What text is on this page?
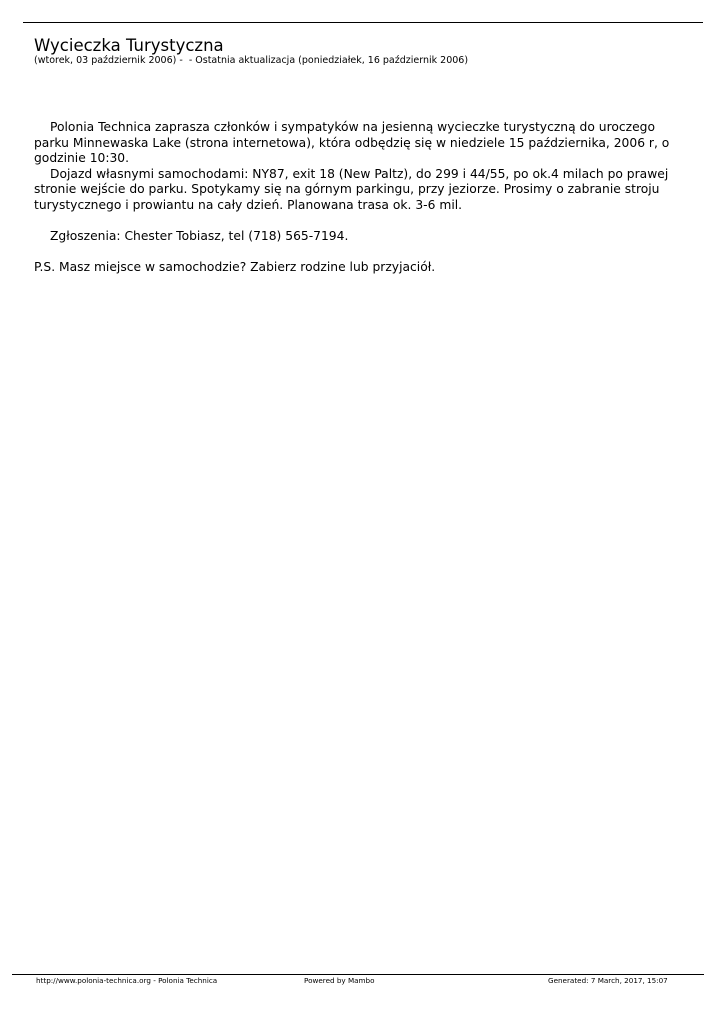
Wycieczka Turystyczna
(wtorek, 03 październik 2006) -  - Ostatnia aktualizacja (poniedziałek, 16 październik 2006)

Polonia Technica zaprasza członków i sympatyków na jesienną wycieczke turystyczną do uroczego parku Minnewaska Lake (strona internetowa), która odbędzię się w niedziele 15 października, 2006 r, o godzinie 10:30.

Dojazd własnymi samochodami: NY87, exit 18 (New Paltz), do 299 i 44/55, po ok.4 milach po prawej stronie wejście do parku. Spotykamy się na górnym parkingu, przy jeziorze. Prosimy o zabranie stroju turystycznego i prowiantu na cały dzień. Planowana trasa ok. 3-6 mil.

Zgłoszenia: Chester Tobiasz, tel (718) 565-7194.

P.S. Masz miejsce w samochodzie? Zabierz rodzine lub przyjaciół.

http://www.polonia-technica.org - Polonia Technica	Powered by Mambo	Generated: 7 March, 2017, 15:07
